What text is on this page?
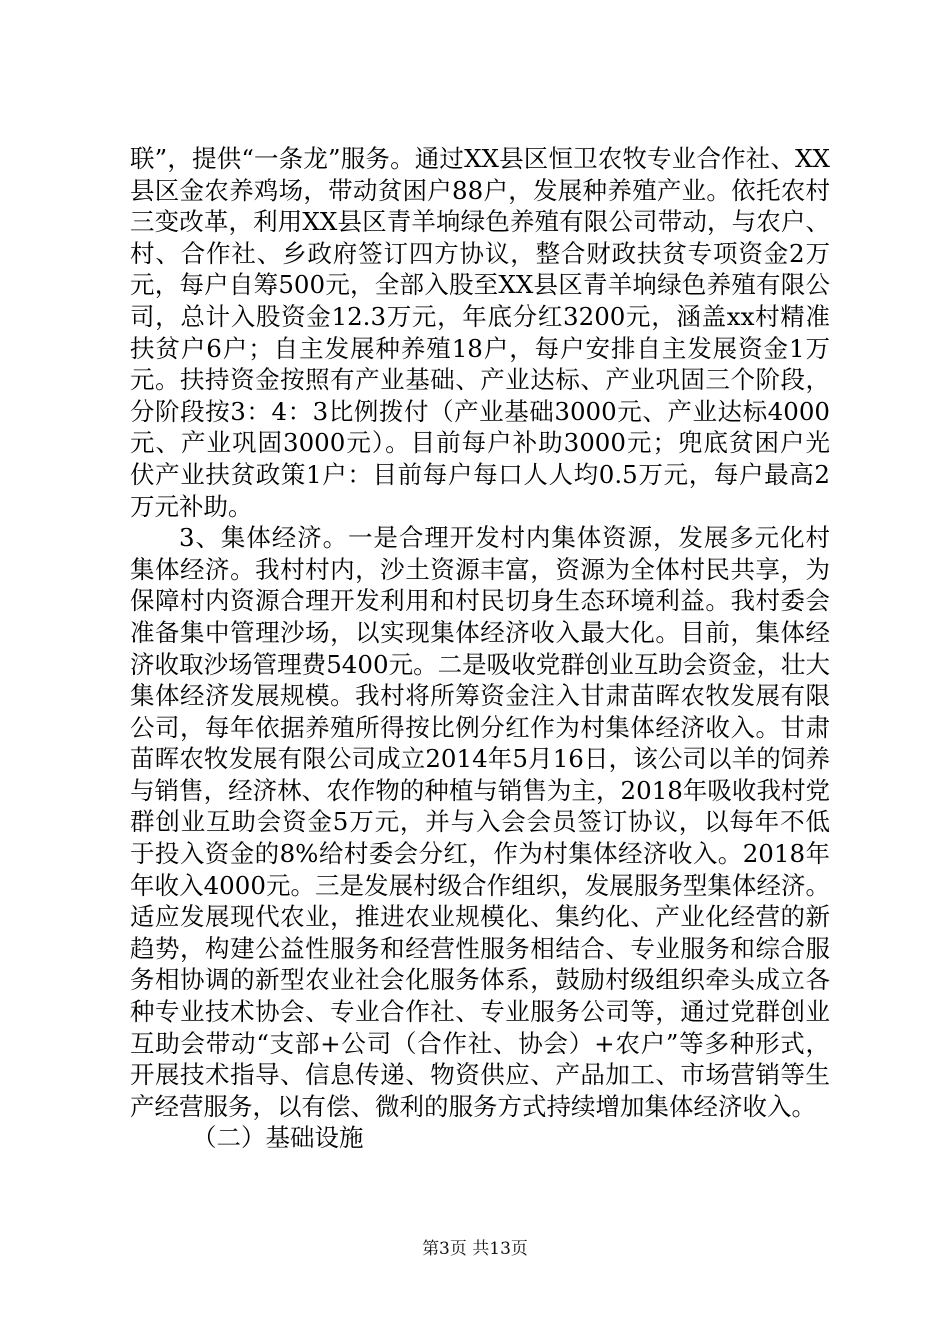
联”，提供“一条龙”服务。通过XX县区恒卫农牧专业合作社、XX县区金农养鸡场，带动贫困户88户，发展种养殖产业。依托农村三变改革，利用XX县区青羊垧绿色养殖有限公司带动，与农户、村、合作社、乡政府签订四方协议，整合财政扶贫专项资金2万元，每户自筹500元，全部入股至XX县区青羊垧绿色养殖有限公司，总计入股资金12.3万元，年底分红3200元，涵盖xx村精准扶贫户6户；自主发展种养殖18户，每户安排自主发展资金1万元。扶持资金按照有产业基础、产业达标、产业巩固三个阶段，分阶段按3：4：3比例拨付（产业基础3000元、产业达标4000元、产业巩固3000元）。目前每户补助3000元；兜底贫困户光伏产业扶贫政策1户：目前每户每口人人均0.5万元，每户最高2万元补助。

3、集体经济。一是合理开发村内集体资源，发展多元化村集体经济。我村村内，沙土资源丰富，资源为全体村民共享，为保障村内资源合理开发利用和村民切身生态环境利益。我村委会准备集中管理沙场，以实现集体经济收入最大化。目前，集体经济收取沙场管理费5400元。二是吸收党群创业互助会资金，壮大集体经济发展规模。我村将所筹资金注入甘肃苗晖农牧发展有限公司，每年依据养殖所得按比例分红作为村集体经济收入。甘肃苗晖农牧发展有限公司成立2014年5月16日，该公司以羊的饲养与销售，经济林、农作物的种植与销售为主，2018年吸收我村党群创业互助会资金5万元，并与入会会员签订协议，以每年不低于投入资金的8%给村委会分红，作为村集体经济收入。2018年年收入4000元。三是发展村级合作组织，发展服务型集体经济。适应发展现代农业，推进农业规模化、集约化、产业化经营的新趋势，构建公益性服务和经营性服务相结合、专业服务和综合服务相协调的新型农业社会化服务体系，鼓励村级组织牵头成立各种专业技术协会、专业合作社、专业服务公司等，通过党群创业互助会带动“支部+公司（合作社、协会）+农户”等多种形式，开展技术指导、信息传递、物资供应、产品加工、市场营销等生产经营服务，以有偿、微利的服务方式持续增加集体经济收入。

（二）基础设施

第3页 共13页
